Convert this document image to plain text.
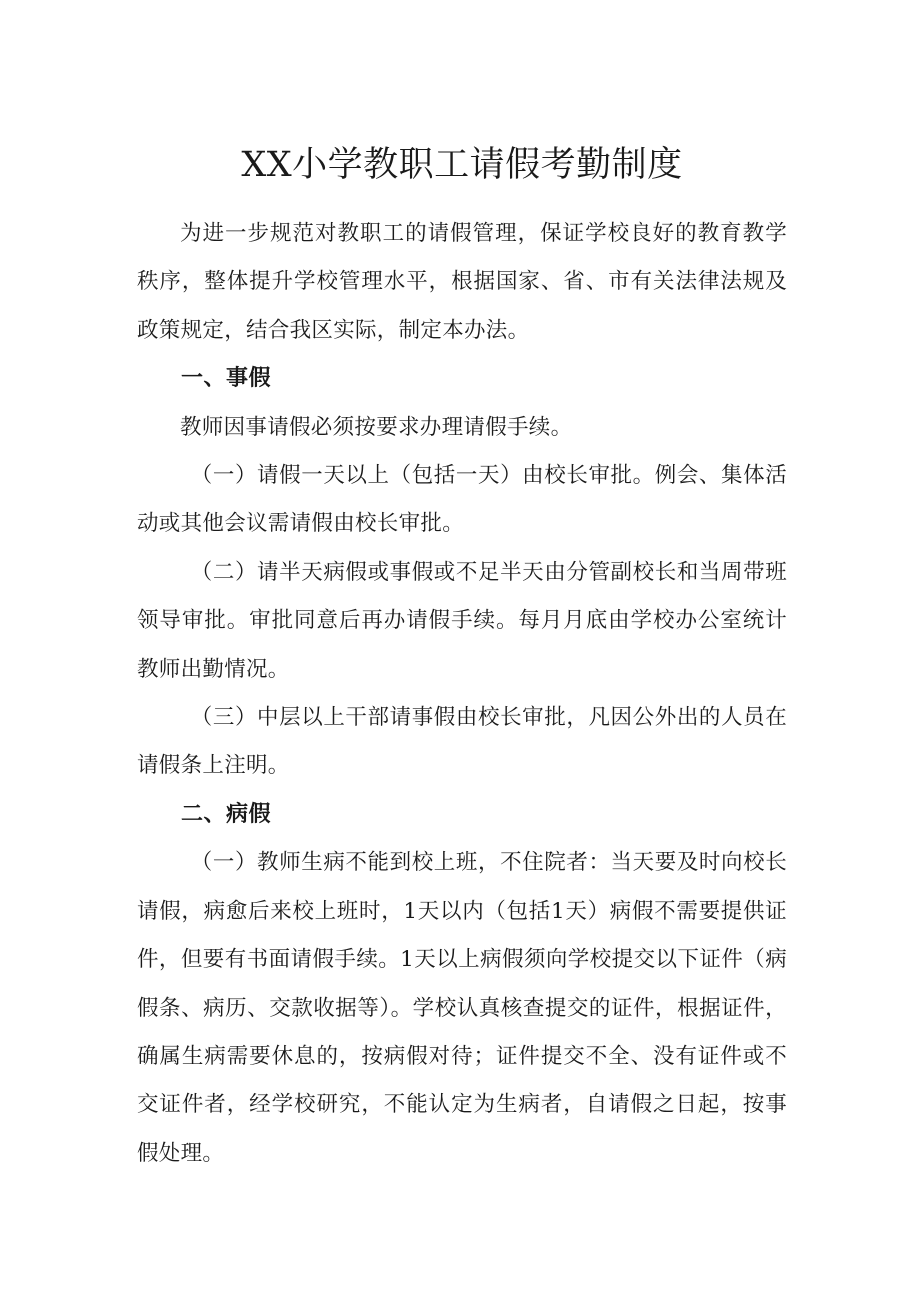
XX小学教职工请假考勤制度

为进一步规范对教职工的请假管理，保证学校良好的教育教学秩序，整体提升学校管理水平，根据国家、省、市有关法律法规及政策规定，结合我区实际，制定本办法。

一、事假

教师因事请假必须按要求办理请假手续。

（一）请假一天以上（包括一天）由校长审批。例会、集体活动或其他会议需请假由校长审批。

（二）请半天病假或事假或不足半天由分管副校长和当周带班领导审批。审批同意后再办请假手续。每月月底由学校办公室统计教师出勤情况。

（三）中层以上干部请事假由校长审批，凡因公外出的人员在请假条上注明。

二、病假

（一）教师生病不能到校上班，不住院者：当天要及时向校长请假，病愈后来校上班时，1天以内（包括1天）病假不需要提供证件，但要有书面请假手续。1天以上病假须向学校提交以下证件（病假条、病历、交款收据等）。学校认真核查提交的证件，根据证件，确属生病需要休息的，按病假对待；证件提交不全、没有证件或不交证件者，经学校研究，不能认定为生病者，自请假之日起，按事假处理。
